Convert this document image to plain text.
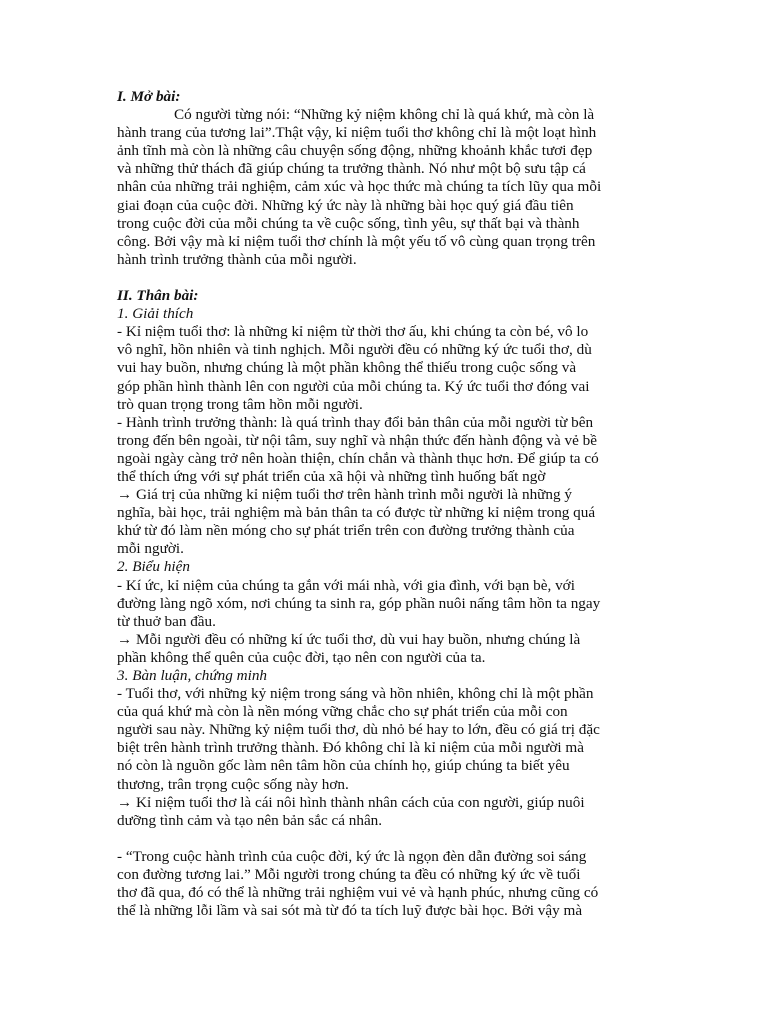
I. Mở bài:

Có người từng nói: “Những kỷ niệm không chỉ là quá khứ, mà còn là
hành trang của tương lai”.Thật vậy, kỉ niệm tuổi thơ không chỉ là một loạt hình
ảnh tĩnh mà còn là những câu chuyện sống động, những khoảnh khắc tươi đẹp
và những thử thách đã giúp chúng ta trưởng thành. Nó như một bộ sưu tập cá
nhân của những trải nghiệm, cảm xúc và học thức mà chúng ta tích lũy qua mỗi
giai đoạn của cuộc đời. Những ký ức này là những bài học quý giá đầu tiên
trong cuộc đời của mỗi chúng ta về cuộc sống, tình yêu, sự thất bại và thành
công. Bởi vậy mà kỉ niệm tuổi thơ chính là một yếu tố vô cùng quan trọng trên
hành trình trưởng thành của mỗi người.

II. Thân bài:

1. Giải thích

- Kỉ niệm tuổi thơ: là những kỉ niệm từ thời thơ ấu, khi chúng ta còn bé, vô lo
vô nghĩ, hồn nhiên và tinh nghịch. Mỗi người đều có những ký ức tuổi thơ, dù
vui hay buồn, nhưng chúng là một phần không thể thiếu trong cuộc sống và
góp phần hình thành lên con người của mỗi chúng ta. Ký ức tuổi thơ đóng vai
trò quan trọng trong tâm hồn mỗi người.

- Hành trình trưởng thành: là quá trình thay đổi bản thân của mỗi người từ bên
trong đến bên ngoài, từ nội tâm, suy nghĩ và nhận thức đến hành động và vẻ bề
ngoài ngày càng trở nên hoàn thiện, chín chắn và thành thục hơn. Để giúp ta có
thể thích ứng với sự phát triển của xã hội và những tình huống bất ngờ

→ Giá trị của những kỉ niệm tuổi thơ trên hành trình mỗi người là những ý
nghĩa, bài học, trải nghiệm mà bản thân ta có được từ những kỉ niệm trong quá
khứ từ đó làm nền móng cho sự phát triển trên con đường trưởng thành của
mỗi người.

2. Biểu hiện

- Kí ức, kỉ niệm của chúng ta gắn với mái nhà, với gia đình, với bạn bè, với
đường làng ngõ xóm, nơi chúng ta sinh ra, góp phần nuôi nấng tâm hồn ta ngay
từ thuở ban đầu.

→ Mỗi người đều có những kí ức tuổi thơ, dù vui hay buồn, nhưng chúng là
phần không thể quên của cuộc đời, tạo nên con người của ta.

3. Bàn luận, chứng minh

- Tuổi thơ, với những kỷ niệm trong sáng và hồn nhiên, không chỉ là một phần
của quá khứ mà còn là nền móng vững chắc cho sự phát triển của mỗi con
người sau này. Những kỷ niệm tuổi thơ, dù nhỏ bé hay to lớn, đều có giá trị đặc
biệt trên hành trình trưởng thành. Đó không chỉ là kỉ niệm của mỗi người mà
nó còn là nguồn gốc làm nên tâm hồn của chính họ, giúp chúng ta biết yêu
thương, trân trọng cuộc sống này hơn.

→ Kỉ niệm tuổi thơ là cái nôi hình thành nhân cách của con người, giúp nuôi
dưỡng tình cảm và tạo nên bản sắc cá nhân.

- “Trong cuộc hành trình của cuộc đời, ký ức là ngọn đèn dẫn đường soi sáng
con đường tương lai.” Mỗi người trong chúng ta đều có những ký ức về tuổi
thơ đã qua, đó có thể là những trải nghiệm vui vẻ và hạnh phúc, nhưng cũng có
thể là những lỗi lầm và sai sót mà từ đó ta tích luỹ được bài học. Bởi vậy mà
